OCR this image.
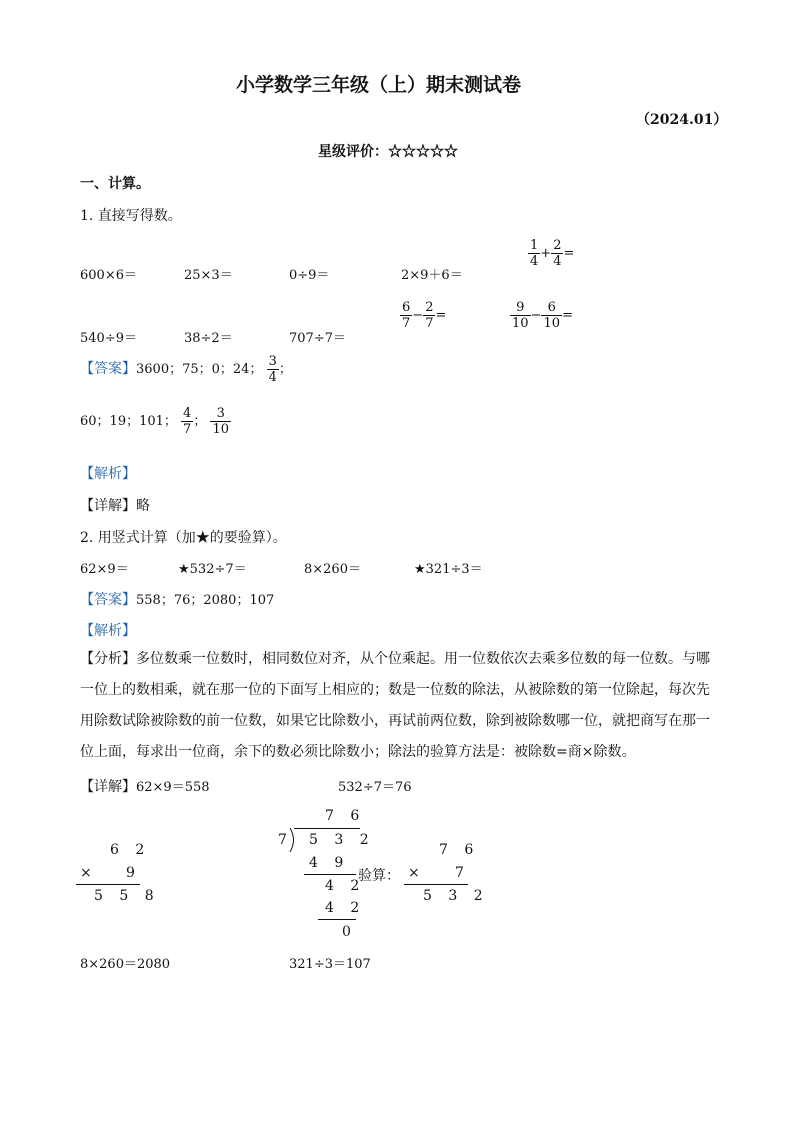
小学数学三年级（上）期末测试卷
（2024.01）
星级评价：☆☆☆☆☆
一、计算。
1. 直接写得数。
600×6＝	25×3＝	0÷9＝	2×9＋6＝
$\frac{1}{4} + \frac{2}{4}$ =
540÷9＝	38÷2＝	707÷7＝
$\frac{6}{7} - \frac{2}{7}$ =	$\frac{9}{10} - \frac{6}{10}$ =
【答案】3600；75；0；24； $\frac{3}{4}$ ；
60；19；101； $\frac{4}{7}$ ； $\frac{3}{10}$
【解析】
【详解】略
2. 用竖式计算（加★的要验算）。
62×9＝	★532÷7＝	8×260＝	★321÷3＝
【答案】558；76；2080；107
【解析】
【分析】多位数乘一位数时，相同数位对齐，从个位乘起。用一位数依次去乘多位数的每一位数。与哪一位上的数相乘，就在那一位的下面写上相应的；数是一位数的除法，从被除数的第一位除起，每次先用除数试除被除数的前一位数，如果它比除数小，再试前两位数，除到被除数哪一位，就把商写在那一位上面，每求出一位商，余下的数必须比除数小；除法的验算方法是：被除数=商×除数。
【详解】62×9＝558	532÷7＝76
6 2
× 9
5 5 8
7 6
7 5 3 2
4 9
4 2
4 2
0
验算：
7 6
× 7
5 3 2
8×260＝2080	321÷3＝107
